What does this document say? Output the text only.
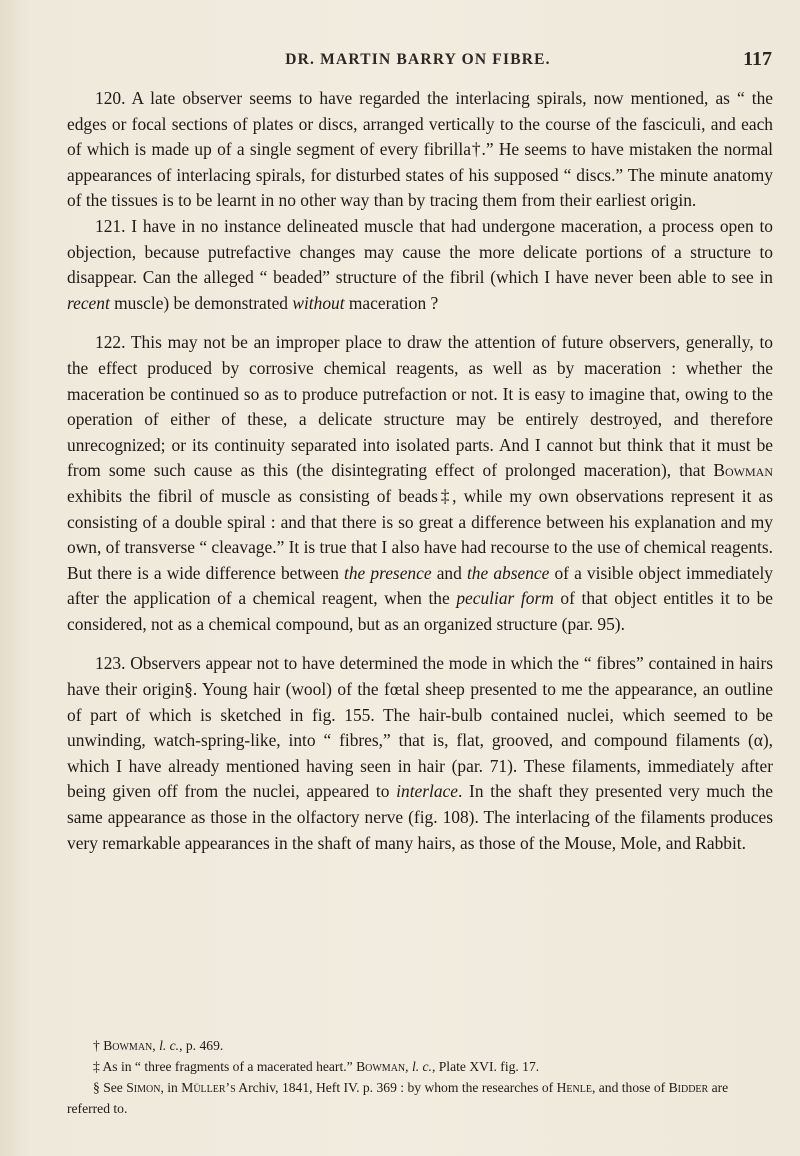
DR. MARTIN BARRY ON FIBRE.	117

120. A late observer seems to have regarded the interlacing spirals, now mentioned, as “ the edges or focal sections of plates or discs, arranged vertically to the course of the fasciculi, and each of which is made up of a single segment of every fibrilla†.” He seems to have mistaken the normal appearances of interlacing spirals, for disturbed states of his supposed “ discs.” The minute anatomy of the tissues is to be learnt in no other way than by tracing them from their earliest origin.

121. I have in no instance delineated muscle that had undergone maceration, a process open to objection, because putrefactive changes may cause the more delicate portions of a structure to disappear. Can the alleged “ beaded” structure of the fibril (which I have never been able to see in recent muscle) be demonstrated without maceration ?

122. This may not be an improper place to draw the attention of future observers, generally, to the effect produced by corrosive chemical reagents, as well as by maceration : whether the maceration be continued so as to produce putrefaction or not. It is easy to imagine that, owing to the operation of either of these, a delicate structure may be entirely destroyed, and therefore unrecognized; or its continuity separated into isolated parts. And I cannot but think that it must be from some such cause as this (the disintegrating effect of prolonged maceration), that Bowman exhibits the fibril of muscle as consisting of beads‡, while my own observations represent it as consisting of a double spiral : and that there is so great a difference between his explanation and my own, of transverse “ cleavage.” It is true that I also have had recourse to the use of chemical reagents. But there is a wide difference between the presence and the absence of a visible object immediately after the application of a chemical reagent, when the peculiar form of that object entitles it to be considered, not as a chemical compound, but as an organized structure (par. 95).

123. Observers appear not to have determined the mode in which the “ fibres” contained in hairs have their origin§. Young hair (wool) of the fœtal sheep presented to me the appearance, an outline of part of which is sketched in fig. 155. The hair-bulb contained nuclei, which seemed to be unwinding, watch-spring-like, into “ fibres,” that is, flat, grooved, and compound filaments (α), which I have already mentioned having seen in hair (par. 71). These filaments, immediately after being given off from the nuclei, appeared to interlace. In the shaft they presented very much the same appearance as those in the olfactory nerve (fig. 108). The interlacing of the filaments produces very remarkable appearances in the shaft of many hairs, as those of the Mouse, Mole, and Rabbit.

† Bowman, l. c., p. 469.

‡ As in “ three fragments of a macerated heart.” Bowman, l. c., Plate XVI. fig. 17.

§ See Simon, in Müller’s Archiv, 1841, Heft IV. p. 369 : by whom the researches of Henle, and those of Bidder are referred to.
